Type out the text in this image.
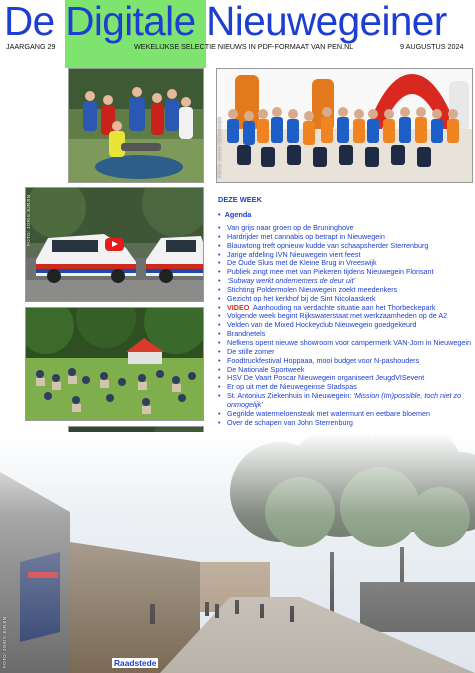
De Digitale Nieuwegeiner
JAARGANG 29	WEKELIJKSE SELECTIE NIEUWS IN PDF-FORMAAT VAN PEN.NL	9 AUGUSTUS 2024
FOTO: DAVID DEBAKKER
FOTO: JORIS JURJIN	DEZE WEEK
•  Agenda
• Van grijs naar groen op de Bruninghove
• Hardrijder met cannabis op betrapt in Nieuwegein
• Blauwtong treft opnieuw kudde van schaapsherder Sterrenburg
• Jarige afdeling IVN Nieuwegein viert feest
• De Oude Sluis met de Kleine Brug in Vreeswijk
• Publiek zingt mee met van Piekeren tijdens Nieuwegein Florisant
• ‘Subway werkt ondernemers de deur uit’
• Stichting Poldermolen Nieuwegein zoekt meedenkers
• Gezicht op het kerkhof bij de Sint Nicolaaskerk
• VIDEO Aanhouding na verdachte situatie aan het Thorbeckepark
• Volgende week begint Rijkswaterstaat met werkzaamheden op de A2
• Velden van de Mixed Hockeyclub Nieuwegein goedgekeurd
• Brandnetels
• Nefkens opent nieuwe showroom voor campermerk VAN-Jorn in Nieuwegein
• De stille zomer
• Foodtruckfestival Hoppaaa, mooi budget voor N-pashouders
• De Nationale Sportweek
• HSV De Vaart Poscar Nieuwegein organiseert JeugdVISevent
• Er op uit met de Nieuwegeinse Stadspas
• St. Antonius Ziekenhuis in Nieuwegein: ‘Mission (Im)possible, toch niet zo onmogelijk’
• Gegrilde watermeloensteak met watermunt en eetbare bloemen
• Over de schapen van John Sterrenburg
FOTO: JORIS JURJIN	Raadstede
